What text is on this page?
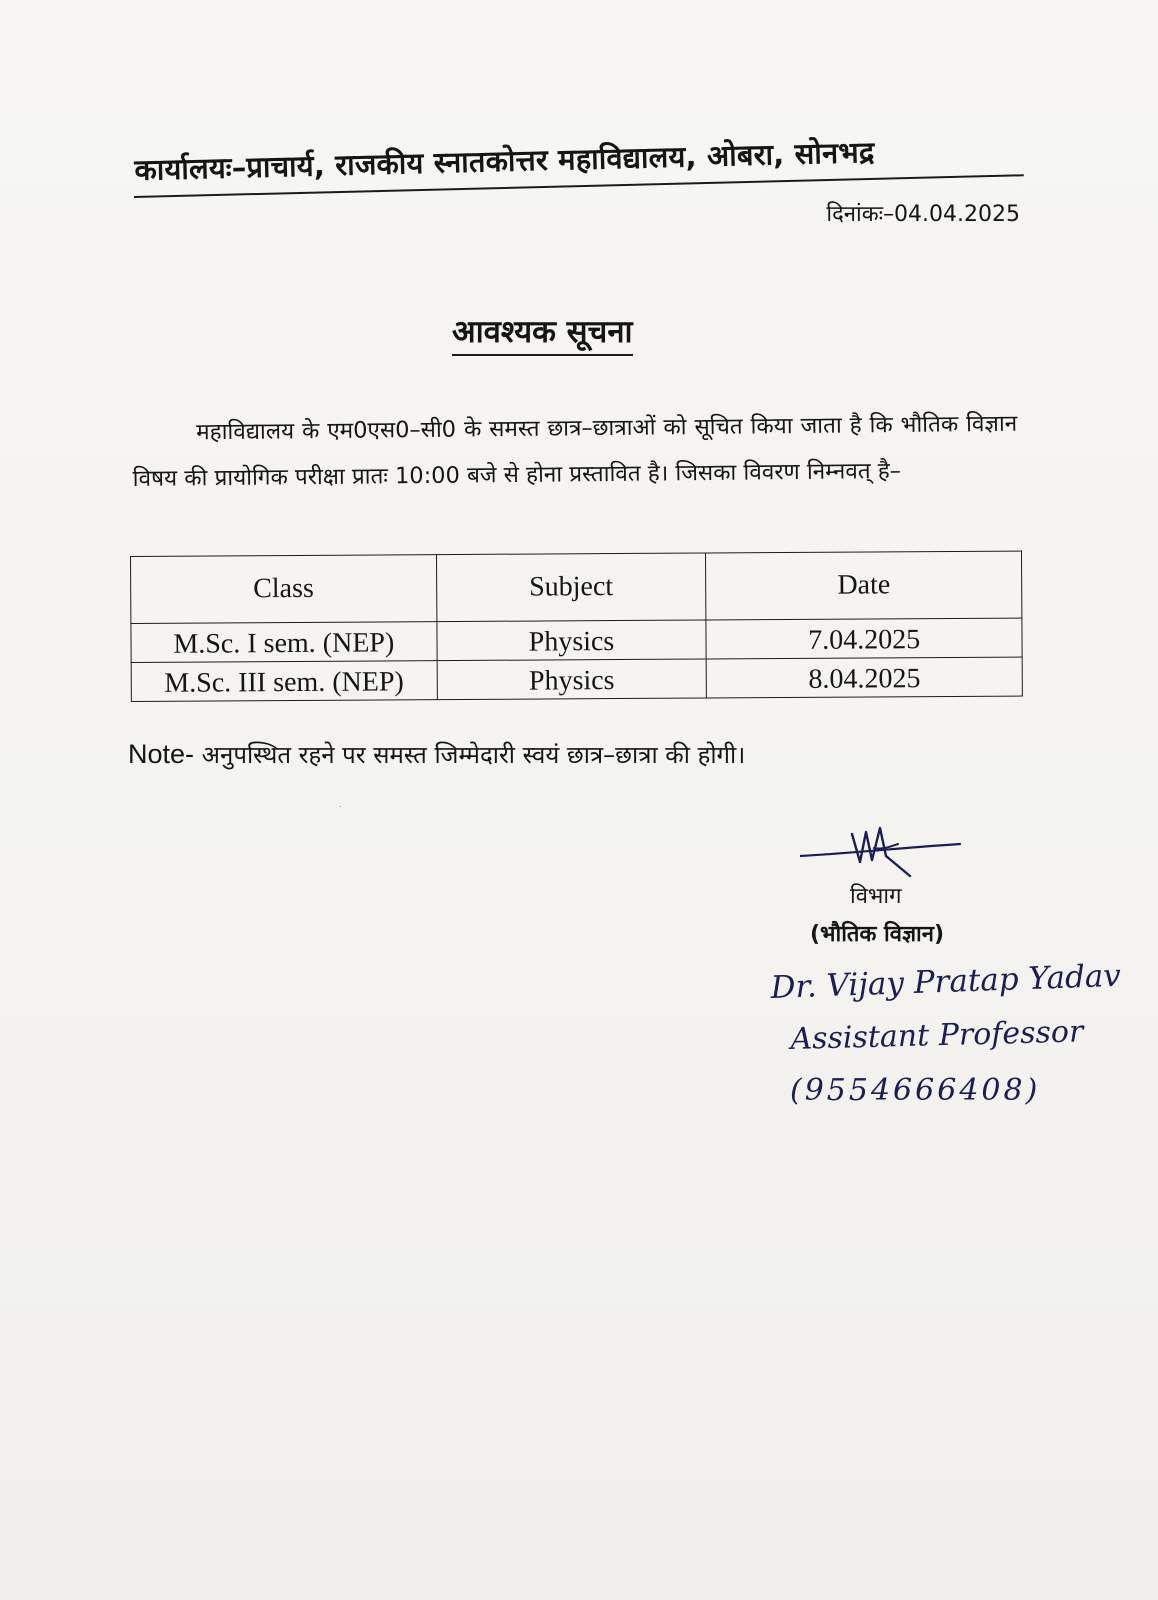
कार्यालयः–प्राचार्य, राजकीय स्नातकोत्तर महाविद्यालय, ओबरा, सोनभद्र
दिनांकः–04.04.2025
आवश्यक सूचना
महाविद्यालय के एम0एस0–सी0 के समस्त छात्र–छात्राओं को सूचित किया जाता है कि भौतिक विज्ञान विषय की प्रायोगिक परीक्षा प्रातः 10:00 बजे से होना प्रस्तावित है। जिसका विवरण निम्नवत् है–
Class	Subject	Date
M.Sc. I sem. (NEP)	Physics	7.04.2025
M.Sc. III sem. (NEP)	Physics	8.04.2025
Note- अनुपस्थित रहने पर समस्त जिम्मेदारी स्वयं छात्र–छात्रा की होगी।
विभाग
(भौतिक विज्ञान)
Dr. Vijay Pratap Yadav
Assistant Professor
(9554666408)
